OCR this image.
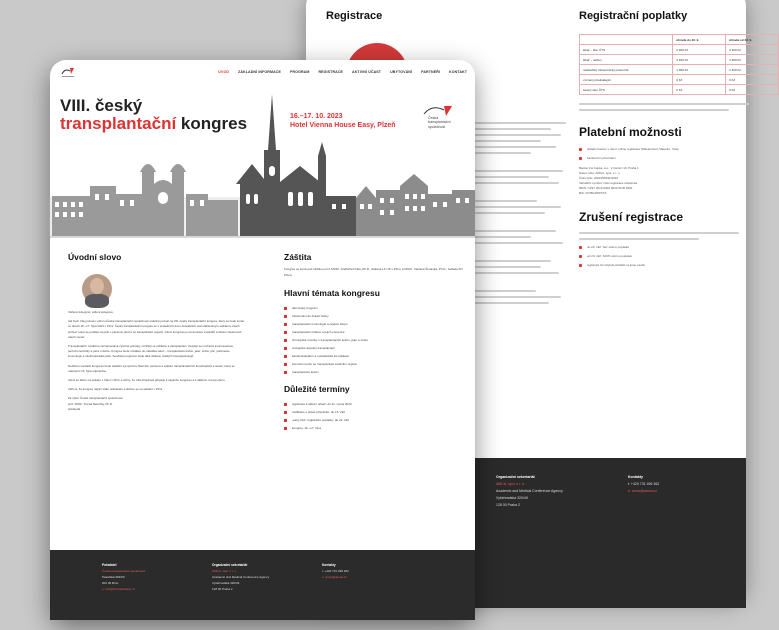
Registrace	Registrační poplatky
	úhrada do 22. 9.	úhrada od 23. 9.
lékař – člen ČTS	2 900 Kč	3 400 Kč
lékař – nečlen	3 400 Kč	3 900 Kč
nelékařský zdravotnický pracovník	1 900 Kč	2 400 Kč
vyzvaný přednášející	0 Kč	0 Kč
čestný člen ČTS	0 Kč	0 Kč
Platební možnosti
platební kartou v rámci online registrace (MasterCard, Maestro, Visa)
bankovním převodem
Banka: Fio banka, a.s., V Celnici 10, Praha 1
Název účtu: AMCA, spol. s r. o.
Číslo účtu: 2001055491/2010
Variabilní symbol: číslo registrace účastníka
IBAN: CZ37 2010 0000 0020 0105 5491
BIC: FIOBCZPPXXX
Zrušení registrace
do 22. září: bez storno poplatku
od 23. září: 100% storno poplatek
registraci lze kdykoli přeřadit na jinou osobu
Organizační sekretariát
AMCA, spol. s r. o.
Academic and Medical Conference Agency
Vyšehradská 320/49
128 00 Praha 2
Kontakty
t: +420 731 496 362
e: amca@amca.cz
ÚVOD	ZÁKLADNÍ INFORMACE	PROGRAM	REGISTRACE	AKTIVNÍ ÚČAST	UBYTOVÁNÍ	PARTNEŘI	KONTAKT
VIII. český
transplantační kongres	16.–17. 10. 2023
Hotel Vienna House Easy, Plzeň
Česká transplantační společnost
Úvodní slovo

Vážené kolegyně, vážení kolegové,

rád bych Vás jménem výboru České transplantační společnosti srdečně pozval na VIII. český transplantační kongres, který se bude konat ve dnech 16.–17. října 2023 v Plzni. Český transplantační kongres se v posledních dvou desetiletích stal etablovaným setkáním všech profesí, které se podílejí na péči o pacienty před a po transplantaci orgánů. Cílem kongresu je prezentace výsledků a sdílení zkušeností všech center.

Transplantační medicína zaznamenává výrazné pokroky, rozšiřují se indikace k transplantaci, zlepšují se možnosti imunosuprese, perfuzní techniky a péče o dárce. Kongres bude rozdělen do několika sekcí – transplantace ledvin, jater, srdce, plic, pankreatu, imunologie a ošetřovatelská péče. Součástí programu bude také diskuse mladých transplantologů.

Nedílnou součástí kongresu bude satelitní sympozium hlavního partnera a setkání transplantačních koordinátorů a sester, které se uskuteční 16. října odpoledne.

Velmi se těším na setkání s Vámi v Plzni a věřím, že Váš příspěvek přispěje k úspěchu kongresu a k dalšímu rozvoji oboru.

Věříme, že kongres naplní Vaše očekávání a těšíme se na setkání v Plzni

Za výbor České transplantační společnosti
prof. MUDr. Tomáš Reischig, Ph.D.
předseda

Záštita
Kongres se koná pod záštitou prof. MUDr. Jindřicha Finka, Ph.D., děkana LF UK v Plzni, a MUDr. Václava Šimánka, Ph.D., ředitele FN Plzeň.
Hlavní témata kongresu
dárcovský program
zařazování do čekací listiny
transplantační imunologie a rejekce štěpu
transplantační infekce a jejich prevence
chirurgické novinky v transplantacích ledvin, jater a srdce
urologické aspekty transplantací
kardiovaskulární a metabolické komplikace
intenzivní péče po transplantaci solidního orgánu
transplantace ledvin
Důležité termíny
registrace k aktivní účasti: do 31. srpna 2023
notifikace o přijetí příspěvku: do 15. září
„early bird“ registrační poplatky: do 22. září
kongres: 16.–17. října
Pořadatel
Česká transplantační společnost
Pekařská 664/53
602 00 Brno
e: info@transplantace.cz
Organizační sekretariát
AMCA, spol. s r. o.
Academic and Medical Conference Agency
Vyšehradská 320/49
128 00 Praha 2
Kontakty
t: +420 731 496 362
e: amca@amca.cz
